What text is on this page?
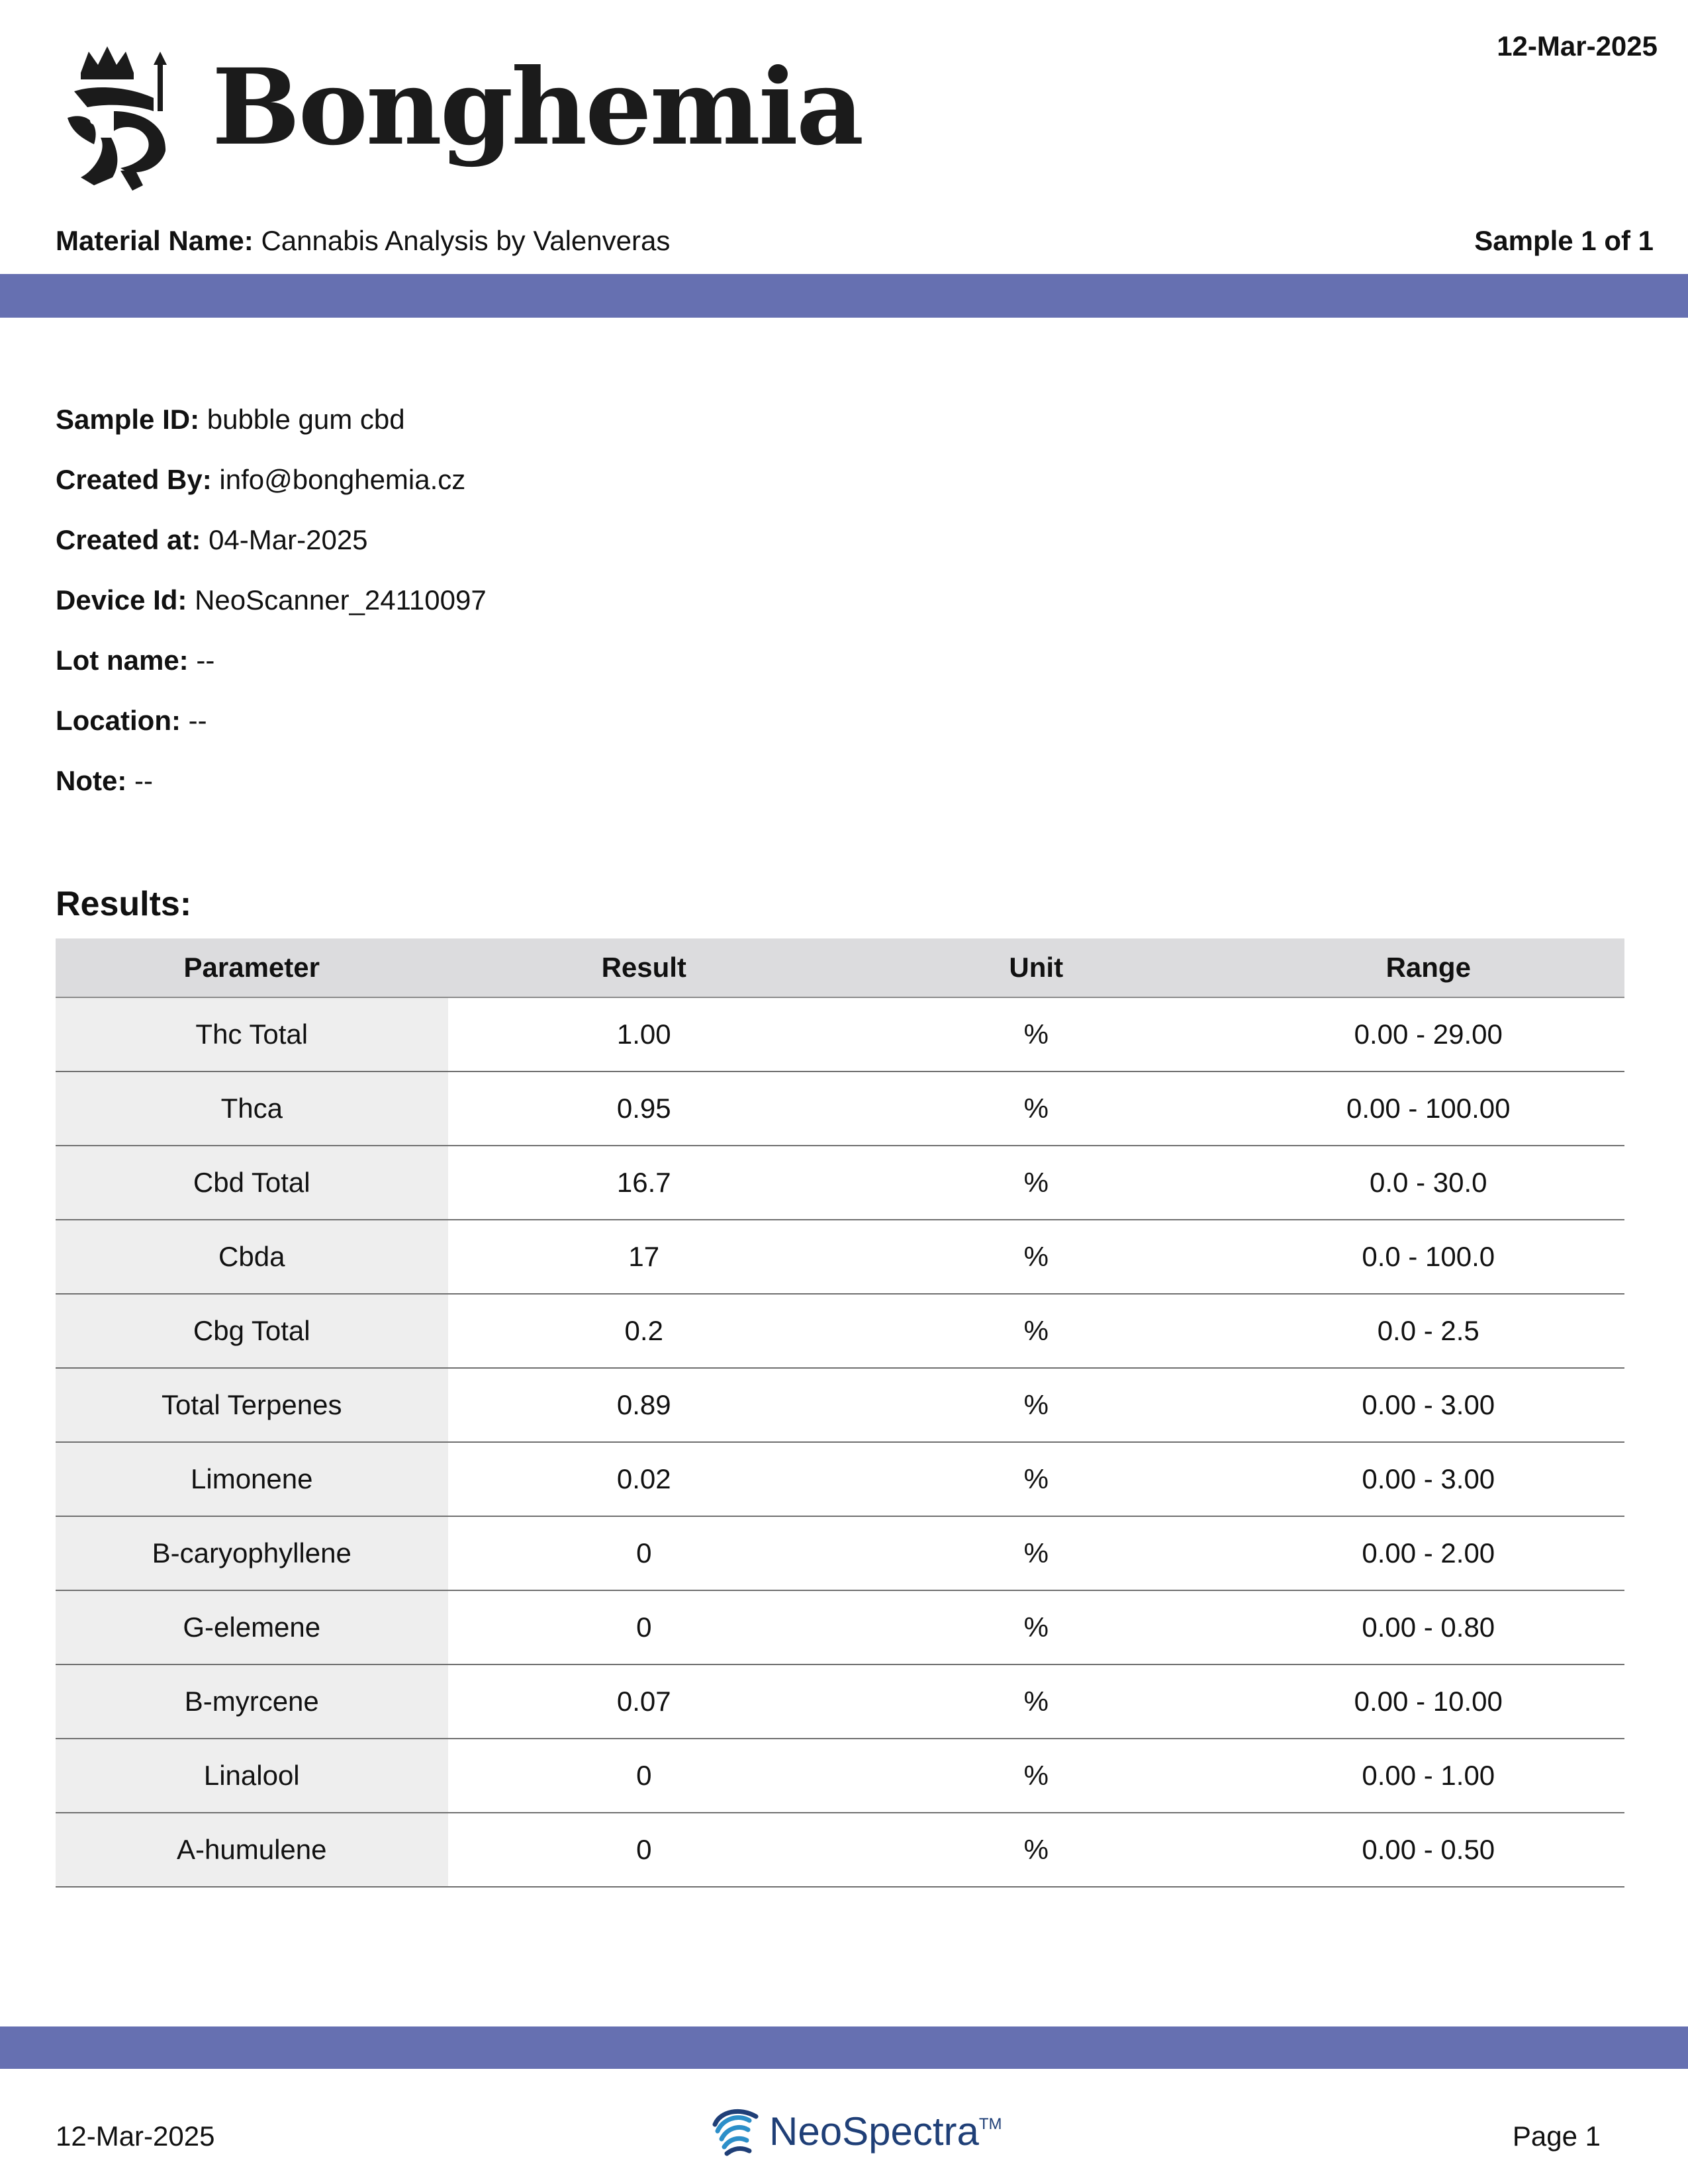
12-Mar-2025
Bonghemia
Material Name: Cannabis Analysis by Valenveras	Sample 1 of 1
Sample ID: bubble gum cbd
Created By: info@bonghemia.cz
Created at: 04-Mar-2025
Device Id: NeoScanner_24110097
Lot name: --
Location: --
Note: --
Results:
Parameter	Result	Unit	Range
Thc Total	1.00	%	0.00 - 29.00
Thca	0.95	%	0.00 - 100.00
Cbd Total	16.7	%	0.0 - 30.0
Cbda	17	%	0.0 - 100.0
Cbg Total	0.2	%	0.0 - 2.5
Total Terpenes	0.89	%	0.00 - 3.00
Limonene	0.02	%	0.00 - 3.00
B-caryophyllene	0	%	0.00 - 2.00
G-elemene	0	%	0.00 - 0.80
B-myrcene	0.07	%	0.00 - 10.00
Linalool	0	%	0.00 - 1.00
A-humulene	0	%	0.00 - 0.50
12-Mar-2025	NeoSpectra™	Page 1
